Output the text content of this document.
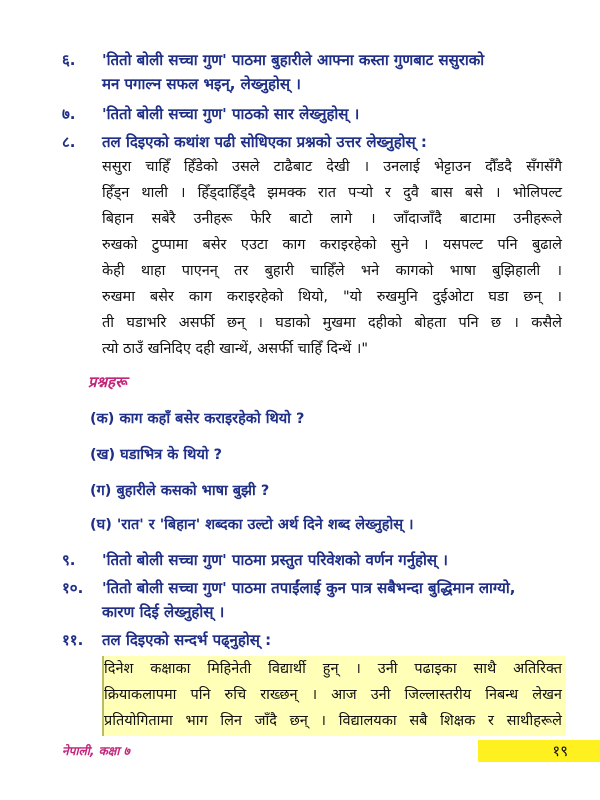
६.	'तितो बोली सच्चा गुण' पाठमा बुहारीले आफ्ना कस्ता गुणबाट ससुराको
मन पगाल्न सफल भइन्, लेख्नुहोस् ।
७.	'तितो बोली सच्चा गुण' पाठको सार लेख्नुहोस् ।
८.	तल दिइएको कथांश पढी सोधिएका प्रश्नको उत्तर लेख्नुहोस् :
ससुरा चाहिँ हिँडेको उसले टाढैबाट देखी । उनलाई भेट्टाउन दौँडदै सँगसँगै
हिँड्न थाली । हिँड्दाहिँड्दै झमक्क रात पर्‍यो र दुवै बास बसे । भोलिपल्ट
बिहान सबेरै उनीहरू फेरि बाटो लागे । जाँदाजाँदै बाटामा उनीहरूले
रुखको टुप्पामा बसेर एउटा काग कराइरहेको सुने । यसपल्ट पनि बुढाले
केही थाहा पाएनन् तर बुहारी चाहिँले भने कागको भाषा बुझिहाली ।
रुखमा बसेर काग कराइरहेको थियो, "यो रुखमुनि दुईओटा घडा छन् ।
ती घडाभरि असर्फी छन् । घडाको मुखमा दहीको बोहता पनि छ । कसैले
त्यो ठाउँ खनिदिए दही खान्थें, असर्फी चाहिँ दिन्थें ।"
प्रश्नहरू
(क) काग कहाँ बसेर कराइरहेको थियो ?
(ख) घडाभित्र के थियो ?
(ग) बुहारीले कसको भाषा बुझी ?
(घ) 'रात' र 'बिहान' शब्दका उल्टो अर्थ दिने शब्द लेख्नुहोस् ।
९.	'तितो बोली सच्चा गुण' पाठमा प्रस्तुत परिवेशको वर्णन गर्नुहोस् ।
१०.	'तितो बोली सच्चा गुण' पाठमा तपाईंलाई कुन पात्र सबैभन्दा बुद्धिमान लाग्यो,
कारण दिई लेख्नुहोस् ।
११.	तल दिइएको सन्दर्भ पढ्नुहोस् :
दिनेश कक्षाका मिहिनेती विद्यार्थी हुन् । उनी पढाइका साथै अतिरिक्त
क्रियाकलापमा पनि रुचि राख्छन् । आज उनी जिल्लास्तरीय निबन्ध लेखन
प्रतियोगितामा भाग लिन जाँदै छन् । विद्यालयका सबै शिक्षक र साथीहरूले
नेपाली, कक्षा ७	१९
